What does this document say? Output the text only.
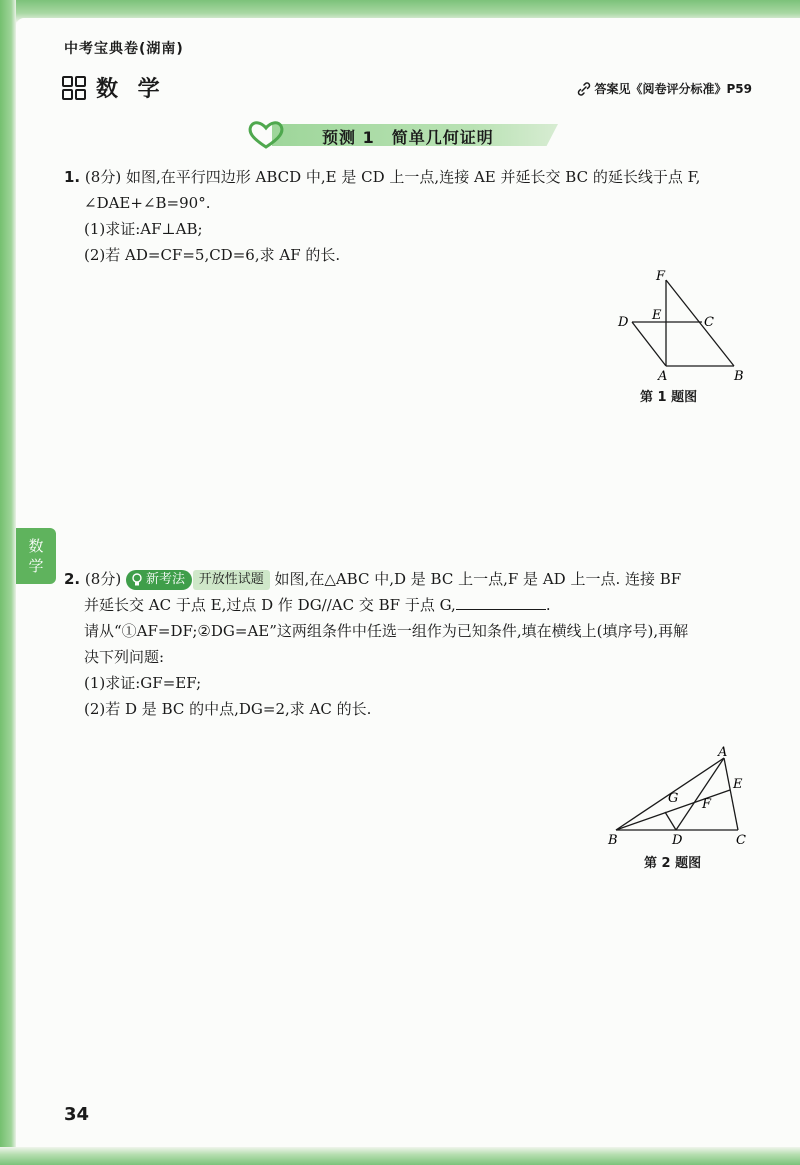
中考宝典卷(湖南)
数 学	答案见《阅卷评分标准》P59
预测 1　简单几何证明
1. (8分) 如图,在平行四边形 ABCD 中,E 是 CD 上一点,连接 AE 并延长交 BC 的延长线于点 F,
∠DAE+∠B=90°.
(1)求证:AF⊥AB;
(2)若 AD=CF=5,CD=6,求 AF 的长.
F
D E	C
A	B
第 1 题图
数
学
2. (8分) 新考法 开放性试题 如图,在△ABC 中,D 是 BC 上一点,F 是 AD 上一点. 连接 BF
并延长交 AC 于点 E,过点 D 作 DG//AC 交 BF 于点 G,	.
请从“①AF=DF;②DG=AE”这两组条件中任选一组作为已知条件,填在横线上(填序号),再解
决下列问题:
(1)求证:GF=EF;
(2)若 D 是 BC 的中点,DG=2,求 AC 的长.
A
E
G F
B	D	C
第 2 题图
34
